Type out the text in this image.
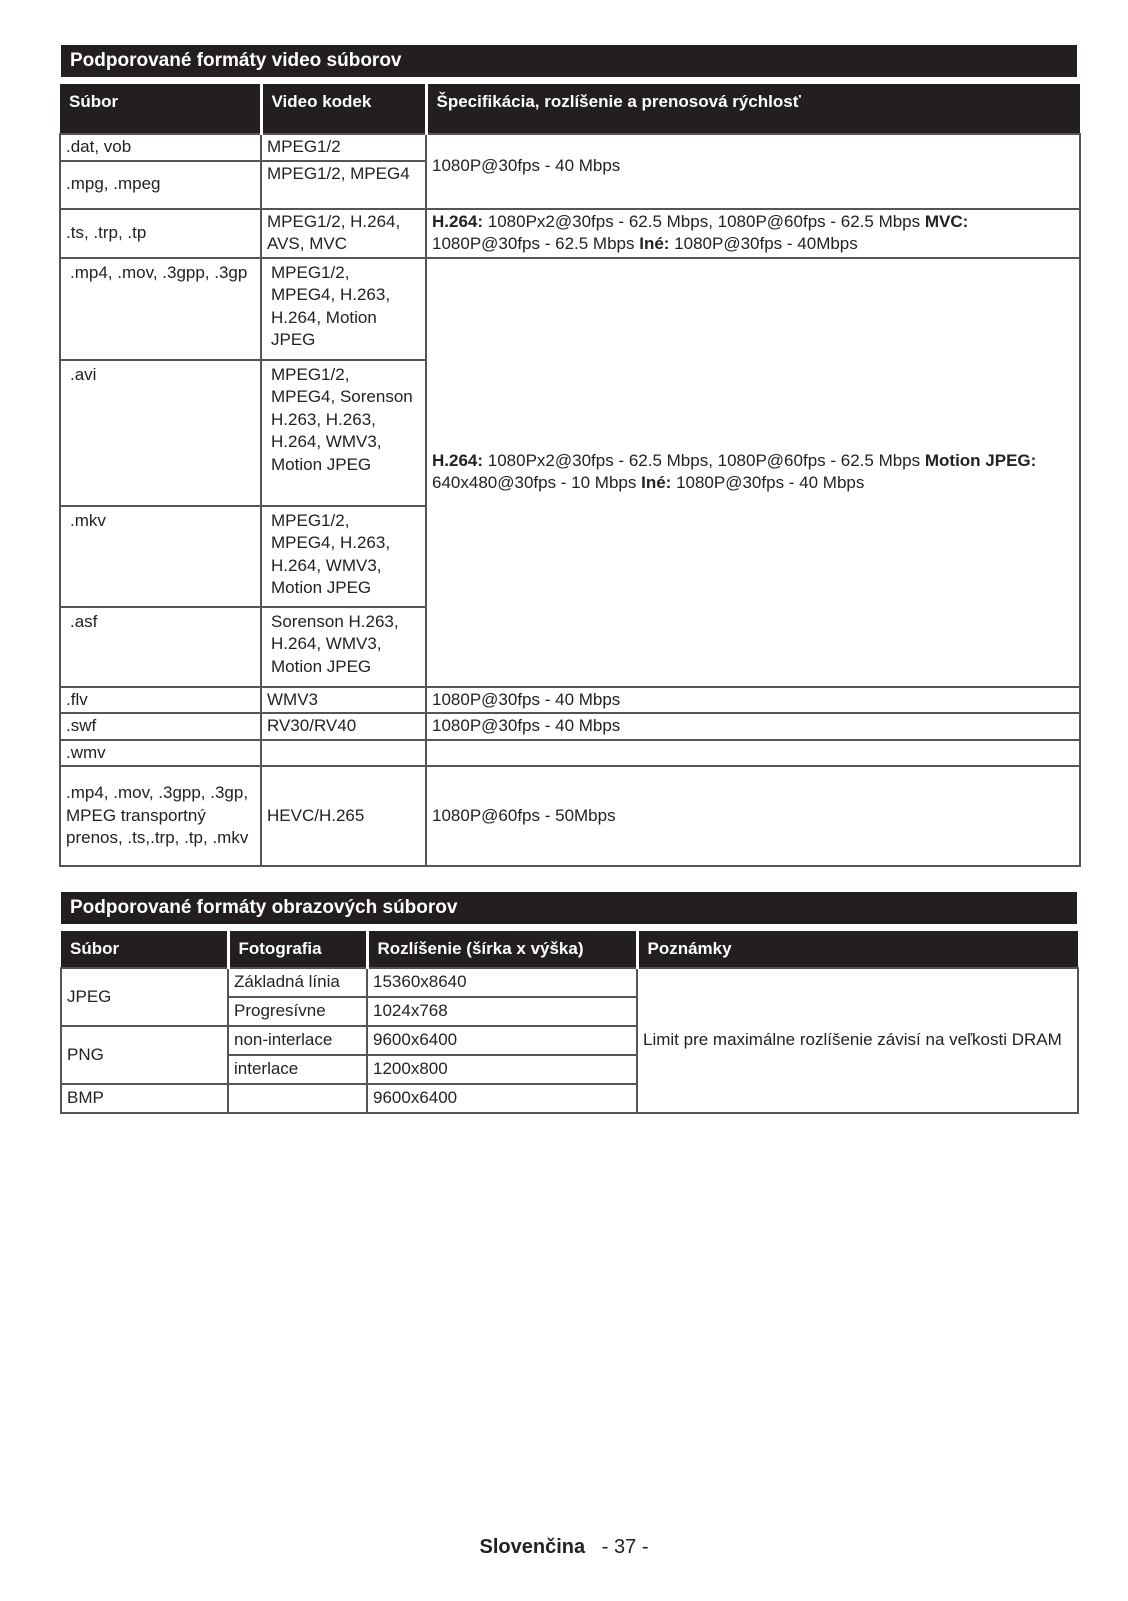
Podporované formáty video súborov
Súbor	Video kodek	Špecifikácia, rozlíšenie a prenosová rýchlosť
.dat, vob	MPEG1/2	1080P@30fps - 40 Mbps
.mpg, .mpeg	MPEG1/2, MPEG4	
.ts, .trp, .tp	MPEG1/2, H.264, AVS, MVC	H.264: 1080Px2@30fps - 62.5 Mbps, 1080P@60fps - 62.5 Mbps MVC: 1080P@30fps - 62.5 Mbps Iné: 1080P@30fps - 40Mbps
.mp4, .mov, .3gpp, .3gp	MPEG1/2, MPEG4, H.263, H.264, Motion JPEG	H.264: 1080Px2@30fps - 62.5 Mbps, 1080P@60fps - 62.5 Mbps Motion JPEG: 640x480@30fps - 10 Mbps Iné: 1080P@30fps - 40 Mbps
.avi	MPEG1/2, MPEG4, Sorenson H.263, H.263, H.264, WMV3, Motion JPEG	
.mkv	MPEG1/2, MPEG4, H.263, H.264, WMV3, Motion JPEG	
.asf	Sorenson H.263, H.264, WMV3, Motion JPEG	
.flv	WMV3	1080P@30fps - 40 Mbps
.swf	RV30/RV40	1080P@30fps - 40 Mbps
.wmv		
.mp4, .mov, .3gpp, .3gp, MPEG transportný prenos, .ts,.trp, .tp, .mkv	HEVC/H.265	1080P@60fps - 50Mbps
Podporované formáty obrazových súborov
Súbor	Fotografia	Rozlíšenie (šírka x výška)	Poznámky
JPEG	Základná línia	15360x8640	Limit pre maximálne rozlíšenie závisí na veľkosti DRAM
	Progresívne	1024x768	
PNG	non-interlace	9600x6400	
	interlace	1200x800	
BMP		9600x6400	
Slovenčina - 37 -
